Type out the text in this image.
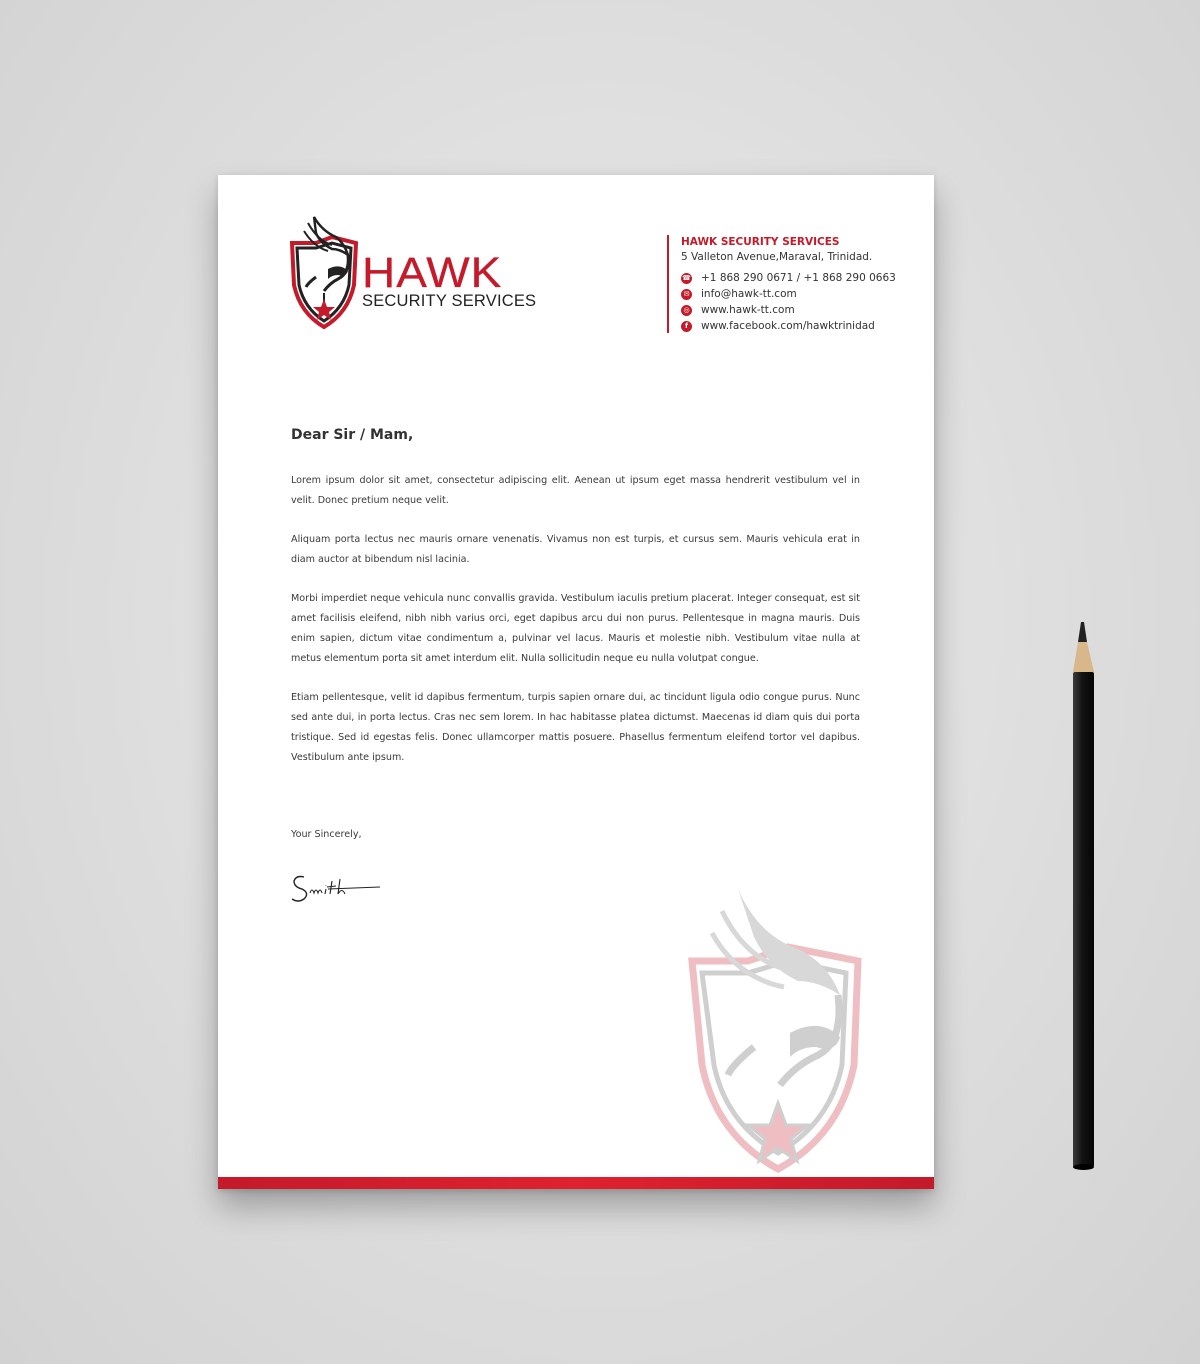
HAWK
SECURITY SERVICES
HAWK SECURITY SERVICES
5 Valleton Avenue,Maraval, Trinidad.
☎ +1 868 290 0671 / +1 868 290 0663
✉ info@hawk-tt.com
◎ www.hawk-tt.com
f	www.facebook.com/hawktrinidad
Dear Sir / Mam,

Lorem ipsum dolor sit amet, consectetur adipiscing elit. Aenean ut ipsum eget massa hendrerit vestibulum vel in velit. Donec pretium neque velit.

Aliquam porta lectus nec mauris ornare venenatis. Vivamus non est turpis, et cursus sem. Mauris vehicula erat in diam auctor at bibendum nisl lacinia.

Morbi imperdiet neque vehicula nunc convallis gravida. Vestibulum iaculis pretium placerat. Integer consequat, est sit amet facilisis eleifend, nibh nibh varius orci, eget dapibus arcu dui non purus. Pellentesque in magna mauris. Duis enim sapien, dictum vitae condimentum a, pulvinar vel lacus. Mauris et molestie nibh. Vestibulum vitae nulla at metus elementum porta sit amet interdum elit. Nulla sollicitudin neque eu nulla volutpat congue.

Etiam pellentesque, velit id dapibus fermentum, turpis sapien ornare dui, ac tincidunt ligula odio congue purus. Nunc sed ante dui, in porta lectus. Cras nec sem lorem. In hac habitasse platea dictumst. Maecenas id diam quis dui porta tristique. Sed id egestas felis. Donec ullamcorper mattis posuere. Phasellus fermentum eleifend tortor vel dapibus. Vestibulum ante ipsum.

Your Sincerely,
